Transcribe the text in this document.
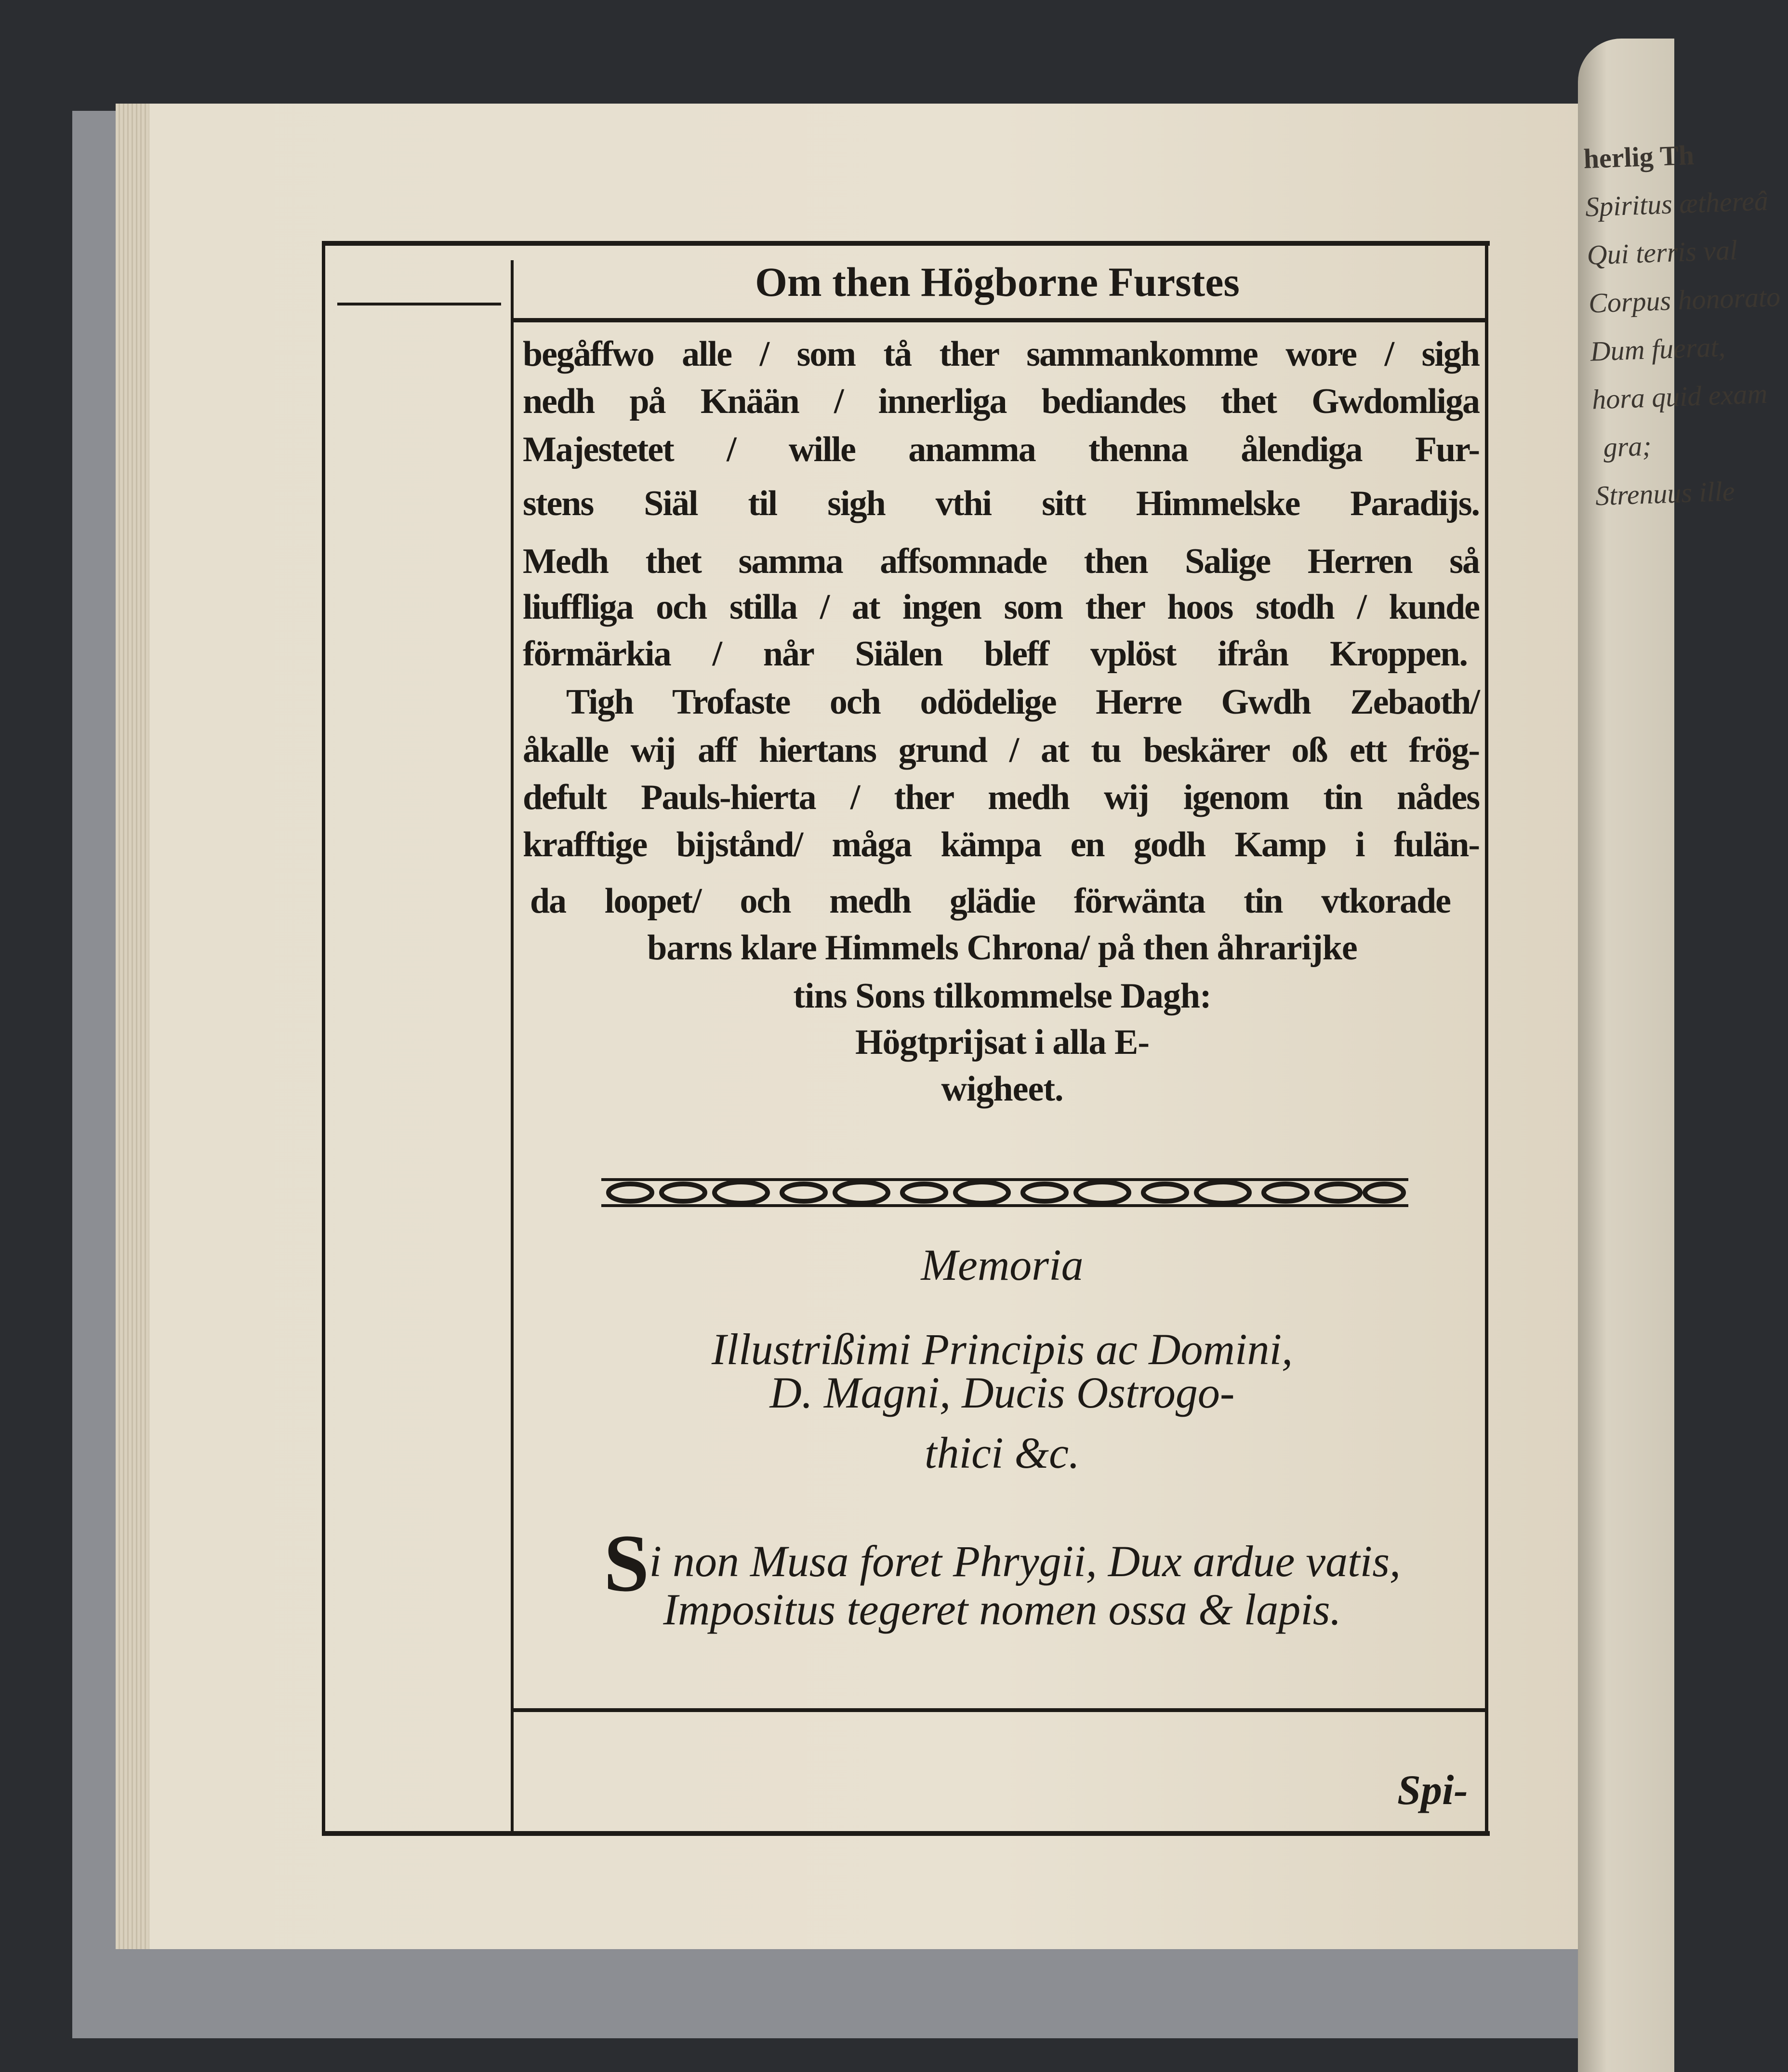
herlig Th
Spiritus æthereâ
Qui terris val
Corpus honorato
Dum fuerat,
hora quid exam
gra;
Strenuus ille
Om then Högborne Furstes
begåffwo alle / som tå ther sammankomme wore / sigh
nedh på Knään / innerliga bediandes thet Gwdomliga
Majestetet / wille anamma thenna ålendiga Fur-
stens Siäl til sigh vthi sitt Himmelske Paradijs.
Medh thet samma affsomnade then Salige Herren så
liuffliga och stilla / at ingen som ther hoos stodh / kunde
förmärkia / når Siälen bleff vplöst ifrån Kroppen.
Tigh Trofaste och odödelige Herre Gwdh Zebaoth/
åkalle wij aff hiertans grund / at tu beskärer oß ett frög-
defult Pauls-hierta / ther medh wij igenom tin nådes
krafftige bijstånd/ måga kämpa en godh Kamp i fulän-
da loopet/ och medh glädie förwänta tin vtkorade
barns klare Himmels Chrona/ på then åhrarijke
tins Sons tilkommelse Dagh:
Högtprijsat i alla E-
wigheet.
Memoria
Illustrißimi Principis ac Domini,
D. Magni, Ducis Ostrogo-
thici &c.
Si non Musa foret Phrygii, Dux ardue vatis,
Impositus tegeret nomen ossa & lapis.
Spi-
